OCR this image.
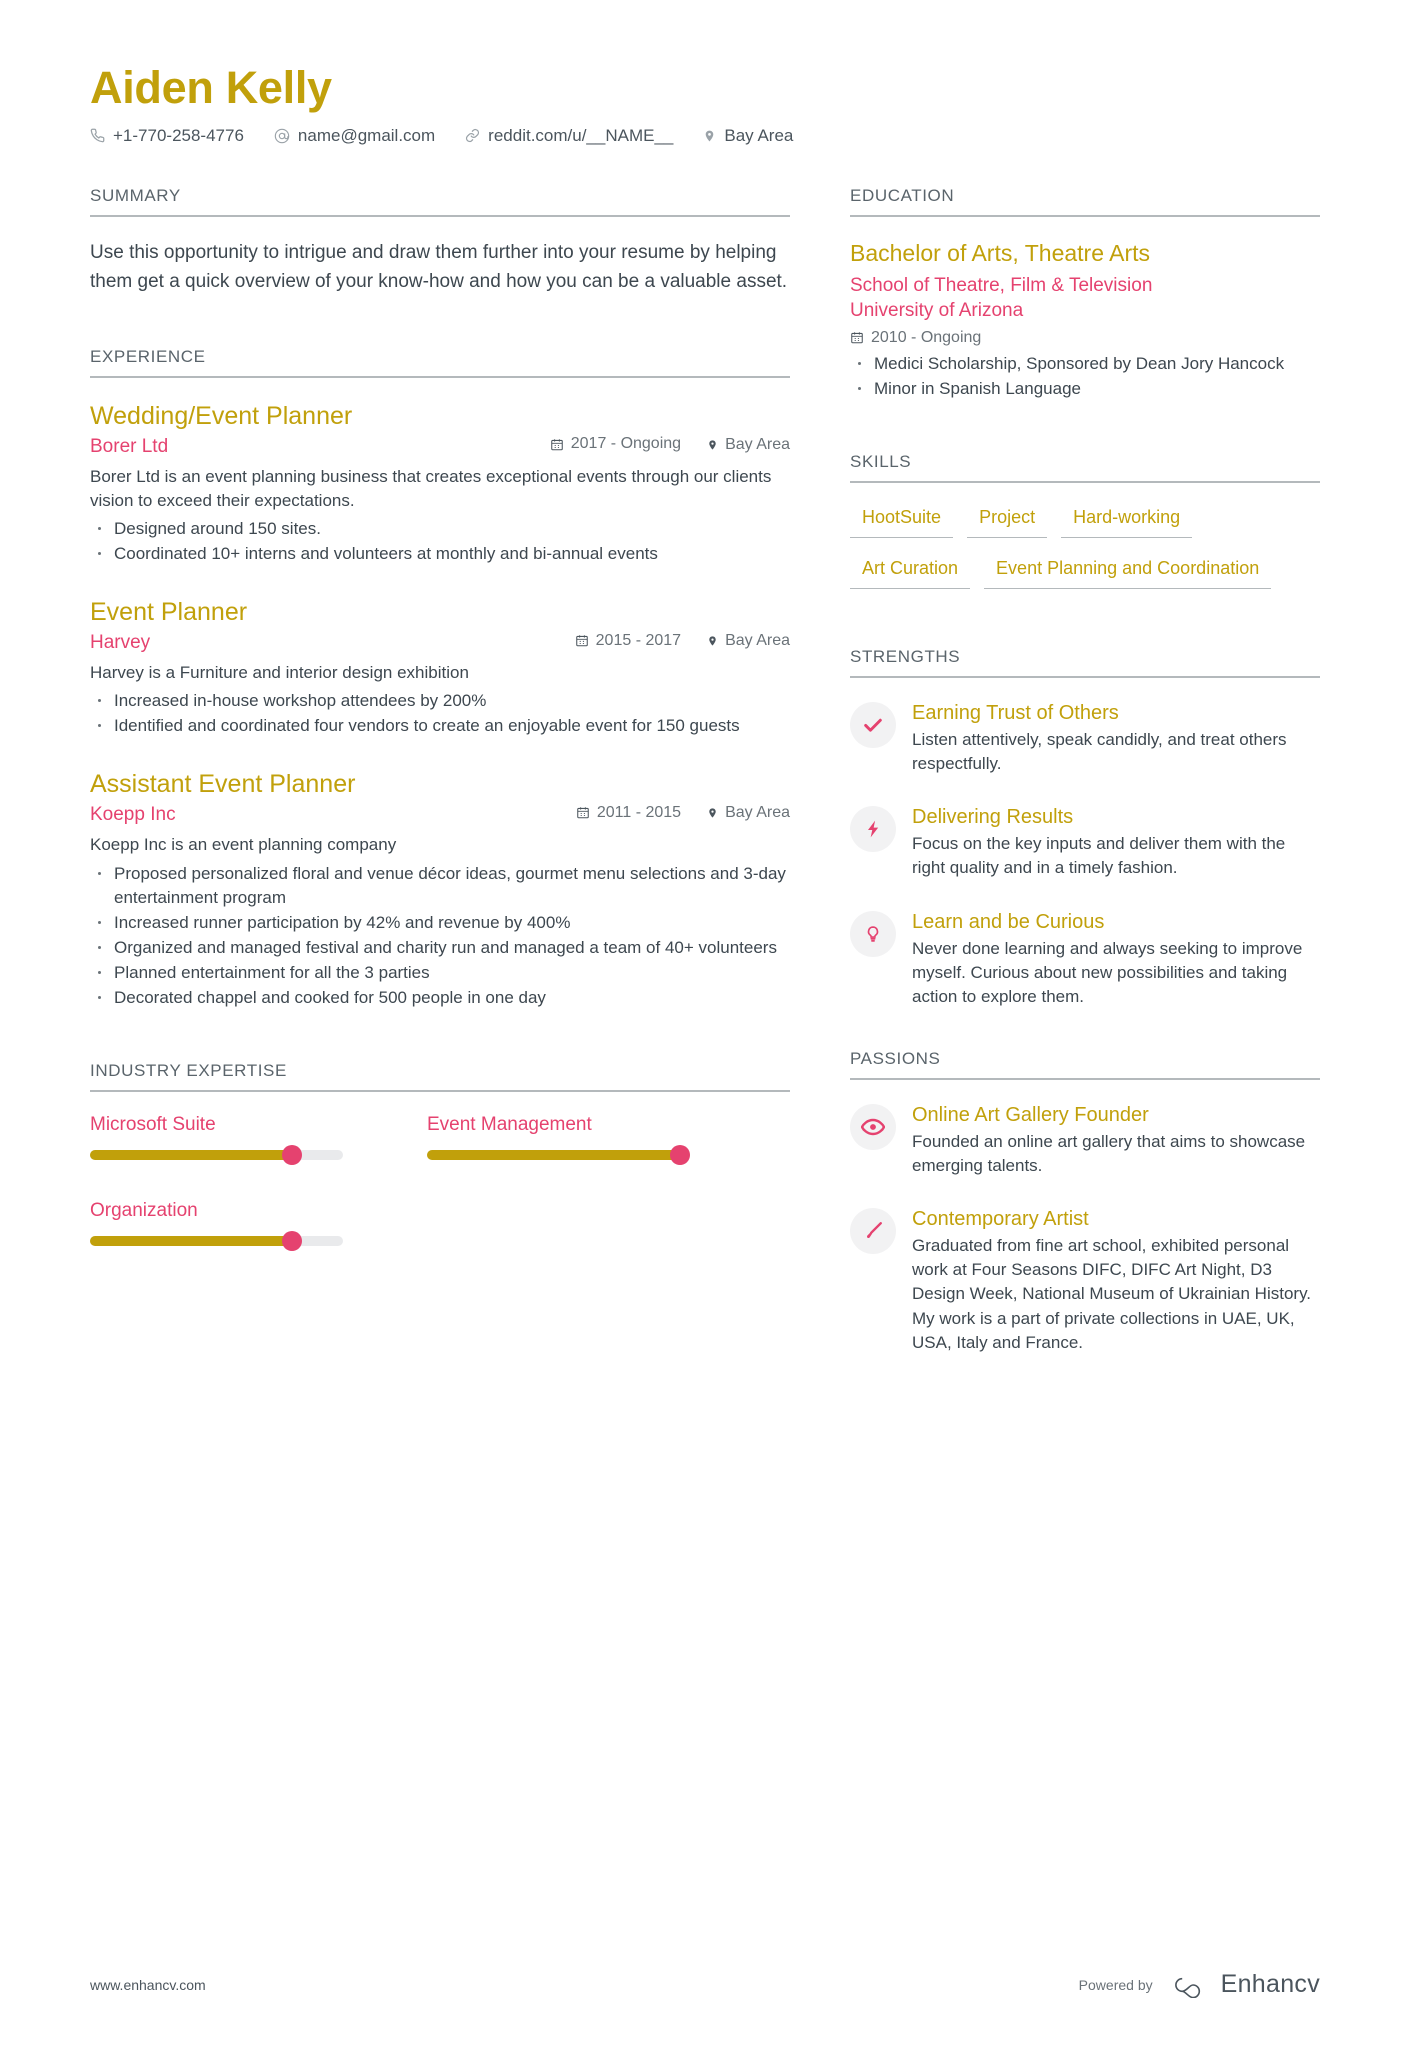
Aiden Kelly
+1-770-258-4776	name@gmail.com	reddit.com/u/__NAME__	Bay Area
SUMMARY
Use this opportunity to intrigue and draw them further into your resume by helping them get a quick overview of your know-how and how you can be a valuable asset.
EXPERIENCE
Wedding/Event Planner
Borer Ltd	2017 - Ongoing	Bay Area
Borer Ltd is an event planning business that creates exceptional events through our clients vision to exceed their expectations.
Designed around 150 sites.
Coordinated 10+ interns and volunteers at monthly and bi-annual events
Event Planner
Harvey	2015 - 2017	Bay Area
Harvey is a Furniture and interior design exhibition
Increased in-house workshop attendees by 200%
Identified and coordinated four vendors to create an enjoyable event for 150 guests
Assistant Event Planner
Koepp Inc	2011 - 2015	Bay Area
Koepp Inc is an event planning company
Proposed personalized floral and venue décor ideas, gourmet menu selections and 3-day entertainment program
Increased runner participation by 42% and revenue by 400%
Organized and managed festival and charity run and managed a team of 40+ volunteers
Planned entertainment for all the 3 parties
Decorated chappel and cooked for 500 people in one day
INDUSTRY EXPERTISE
Microsoft Suite	Event Management
Organization
EDUCATION
Bachelor of Arts, Theatre Arts
School of Theatre, Film & Television
University of Arizona
2010 - Ongoing
Medici Scholarship, Sponsored by Dean Jory Hancock
Minor in Spanish Language
SKILLS
HootSuite	Project	Hard-working
Art Curation	Event Planning and Coordination
STRENGTHS
Earning Trust of Others
Listen attentively, speak candidly, and treat others respectfully.
Delivering Results
Focus on the key inputs and deliver them with the right quality and in a timely fashion.
Learn and be Curious
Never done learning and always seeking to improve myself. Curious about new possibilities and taking action to explore them.
PASSIONS
Online Art Gallery Founder
Founded an online art gallery that aims to showcase emerging talents.
Contemporary Artist
Graduated from fine art school, exhibited personal work at Four Seasons DIFC, DIFC Art Night, D3 Design Week, National Museum of Ukrainian History. My work is a part of private collections in UAE, UK, USA, Italy and France.
www.enhancv.com	Powered by	Enhancv
